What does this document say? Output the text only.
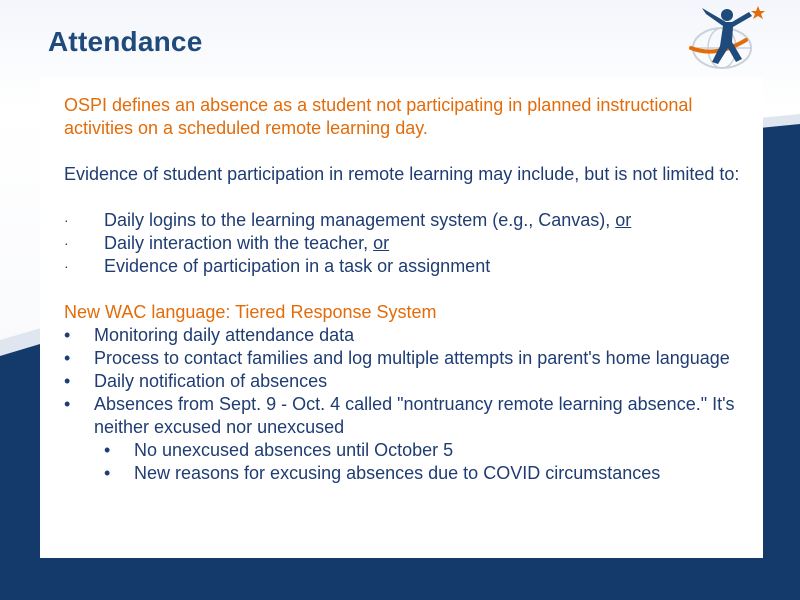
Attendance

OSPI defines an absence as a student not participating in planned instructional activities on a scheduled remote learning day.

Evidence of student participation in remote learning may include, but is not limited to:

· Daily logins to the learning management system (e.g., Canvas), or
· Daily interaction with the teacher, or
· Evidence of participation in a task or assignment

New WAC language: Tiered Response System

• Monitoring daily attendance data
• Process to contact families and log multiple attempts in parent's home language
• Daily notification of absences
• Absences from Sept. 9 - Oct. 4 called "nontruancy remote learning absence." It's neither excused nor unexcused
• No unexcused absences until October 5
• New reasons for excusing absences due to COVID circumstances
